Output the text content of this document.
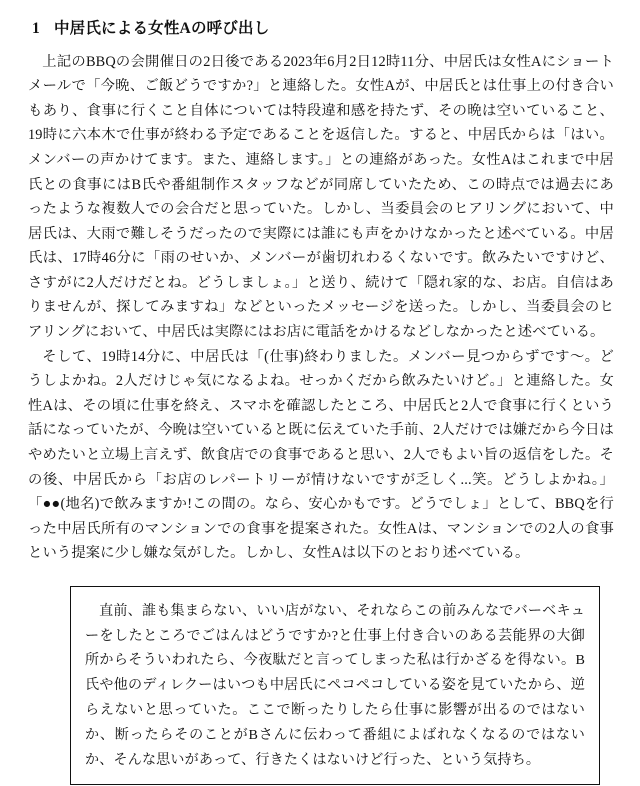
1 中居氏による女性Aの呼び出し

上記のBBQの会開催日の2日後である2023年6月2日12時11分、中居氏は女性Aにショートメールで「今晩、ご飯どうですか?」と連絡した。女性Aが、中居氏とは仕事上の付き合いもあり、食事に行くこと自体については特段違和感を持たず、その晩は空いていること、19時に六本木で仕事が終わる予定であることを返信した。すると、中居氏からは「はい。メンバーの声かけてます。また、連絡します。」との連絡があった。女性Aはこれまで中居氏との食事にはB氏や番組制作スタッフなどが同席していたため、この時点では過去にあったような複数人での会合だと思っていた。しかし、当委員会のヒアリングにおいて、中居氏は、大雨で難しそうだったので実際には誰にも声をかけなかったと述べている。中居氏は、17時46分に「雨のせいか、メンバーが歯切れわるくないです。飲みたいですけど、さすがに2人だけだとね。どうしましょ。」と送り、続けて「隠れ家的な、お店。自信はありませんが、探してみますね」などといったメッセージを送った。しかし、当委員会のヒアリングにおいて、中居氏は実際にはお店に電話をかけるなどしなかったと述べている。

そして、19時14分に、中居氏は「(仕事)終わりました。メンバー見つからずです〜。どうしよかね。2人だけじゃ気になるよね。せっかくだから飲みたいけど。」と連絡した。女性Aは、その頃に仕事を終え、スマホを確認したところ、中居氏と2人で食事に行くという話になっていたが、今晩は空いていると既に伝えていた手前、2人だけでは嫌だから今日はやめたいと立場上言えず、飲食店での食事であると思い、2人でもよい旨の返信をした。その後、中居氏から「お店のレパートリーが情けないですが乏しく...笑。どうしよかね。」「●●(地名)で飲みますか!この間の。なら、安心かもです。どうでしょ」として、BBQを行った中居氏所有のマンションでの食事を提案された。女性Aは、マンションでの2人の食事という提案に少し嫌な気がした。しかし、女性Aは以下のとおり述べている。

直前、誰も集まらない、いい店がない、それならこの前みんなでバーベキューをしたところでごはんはどうですか?と仕事上付き合いのある芸能界の大御所からそういわれたら、今夜駄だと言ってしまった私は行かざるを得ない。B氏や他のディレクーはいつも中居氏にペコペコしている姿を見ていたから、逆らえないと思っていた。ここで断ったりしたら仕事に影響が出るのではないか、断ったらそのことがBさんに伝わって番組によばれなくなるのではないか、そんな思いがあって、行きたくはないけど行った、という気持ち。
